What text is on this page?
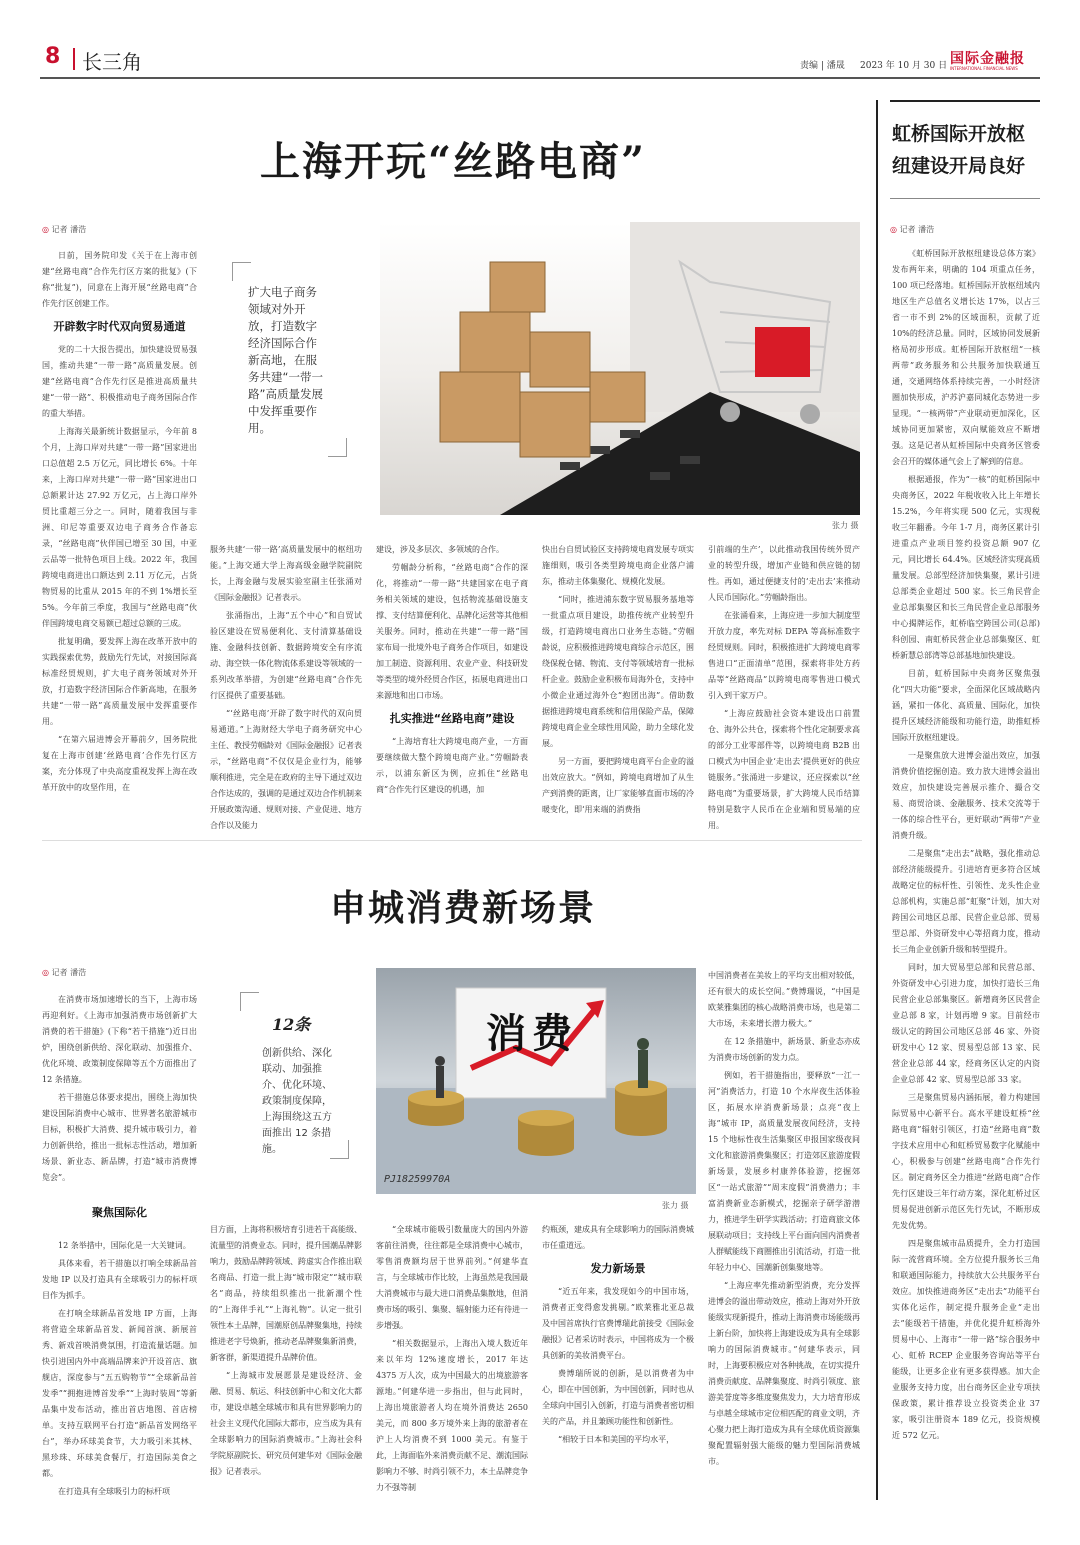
8 长三角	责编 | 潘晟 2023 年 10 月 30 日 国际金融报
INTERNATIONAL FINANCIAL NEWS
上海开玩“丝路电商”
◎ 记者 潘浩

日前，国务院印发《关于在上海市创建“丝路电商”合作先行区方案的批复》(下称“批复”)，同意在上海开展“丝路电商”合作先行区创建工作。

开辟数字时代双向贸易通道

党的二十大报告提出，加快建设贸易强国，推动共建“一带一路”高质量发展。创建“丝路电商”合作先行区是推进高质量共建“一带一路”、积极推动电子商务国际合作的重大举措。

上海海关最新统计数据显示，今年前 8 个月，上海口岸对共建“一带一路”国家进出口总值超 2.5 万亿元，同比增长 6%。十年来，上海口岸对共建“一带一路”国家进出口总额累计达 27.92 万亿元，占上海口岸外贸比重超三分之一。同时，随着我国与非洲、印尼等重要双边电子商务合作备忘录，“丝路电商”伙伴国已增至 30 国，中亚云品等一批特色项目上线。2022 年，我国跨境电商进出口额达到 2.11 万亿元，占货物贸易的比重从 2015 年的不到 1%增长至 5%。今年前三季度，我国与“丝路电商”伙伴国跨境电商交易额已超过总额的三成。

批复明确，要发挥上海在改革开放中的实践探索优势，鼓励先行先试，对接国际高标准经贸规则，扩大电子商务领域对外开放，打造数字经济国际合作新高地，在服务共建“一带一路”高质量发展中发挥重要作用。

“在第六届进博会开幕前夕，国务院批复在上海市创建‘丝路电商’合作先行区方案，充分体现了中央高度重视发挥上海在改革开放中的攻坚作用，在

扩大电子商务领域对外开放，打造数字经济国际合作新高地，在服务共建“一带一路”高质量发展中发挥重要作用。
张力 摄

服务共建‘一带一路’高质量发展中的枢纽功能。”上海交通大学上海高级金融学院副院长，上海金融与发展实验室副主任张涌对《国际金融报》记者表示。

张涌指出，上海“五个中心”和自贸试验区建设在贸易便利化、支付清算基础设施、金融科技创新、数据跨境安全有序流动、海空铁一体化物流体系建设等领域的一系列改革举措，为创建“丝路电商”合作先行区提供了重要基础。

“‘丝路电商’开辟了数字时代的双向贸易通道。”上海财经大学电子商务研究中心主任、教授劳帼龄对《国际金融报》记者表示，“丝路电商”不仅仅是企业行为，能够顺利推进，完全是在政府的主导下通过双边合作达成的，强调的是通过双边合作机制来开展政策沟通、规则对接、产业促进、地方合作以及能力

建设，涉及多层次、多领域的合作。

劳帼龄分析称，“丝路电商”合作的深化，将推动“一带一路”共建国家在电子商务相关领域的建设，包括物流基础设施支撑、支付结算便利化、品牌化运营等其他相关服务。同时，推动在共建“一带一路”国家布局一批境外电子商务合作项目，如建设加工制造、资源利用、农业产业、科技研发等类型的境外经贸合作区，拓展电商进出口来源地和出口市场。

扎实推进“丝路电商”建设

“上海培育壮大跨境电商产业，一方面要继续做大整个跨境电商产业。”劳帼龄表示，以浦东新区为例，应抓住“丝路电商”合作先行区建设的机遇，加

快出台自贸试验区支持跨境电商发展专项实施细则，吸引各类型跨境电商企业落户浦东，推动主体集聚化、规模化发展。

“同时，推进浦东数字贸易服务基地等一批重点项目建设，助推传统产业转型升级，打造跨境电商出口业务生态链。”劳帼龄说，应积极推进跨境电商综合示范区，围绕保税仓储、物流、支付等领域培育一批标杆企业。鼓励企业积极布局海外仓，支持中小微企业通过海外仓“抱团出海”。借助数据推进跨境电商系统和信用保险产品，保障跨境电商企业全球性用风险，助力全球化发展。

另一方面，要把跨境电商平台企业的溢出效应放大。“例如，跨境电商增加了从生产到消费的距离，让厂家能够直面市场的冷暖变化，即‘用来端的消费指

引前端的生产’，以此推动我国传统外贸产业的转型升级，增加产业链和供应链的韧性。再如，通过便捷支付的‘走出去’来推动人民币国际化。”劳帼龄指出。

在张涌看来，上海应进一步加大制度型开放力度，率先对标 DEPA 等高标准数字经贸规则。同时，积极推进扩大跨境电商零售进口“正面清单”范围，探索将非处方药品等“丝路商品”以跨境电商零售进口模式引入到干家万户。

“上海应鼓励社会资本建设出口前置仓、海外公共仓，探索将个性化定制要求高的部分工业零部件等，以跨境电商 B2B 出口模式为中国企业‘走出去’提供更好的供应链服务。”张涌进一步建议，还应探索以“丝路电商”为重要场景，扩大跨境人民币结算特别是数字人民币在企业端和贸易端的应用。

申城消费新场景
◎ 记者 潘浩

在消费市场加速增长的当下，上海市场再迎利好。《上海市加强消费市场创新扩大消费的若干措施》(下称“若干措施”)近日出炉，围绕创新供给、深化联动、加强推介、优化环境、政策制度保障等五个方面推出了 12 条措施。

若干措施总体要求提出，围绕上海加快建设国际消费中心城市、世界著名旅游城市目标，积极扩大消费、提升城市吸引力，着力创新供给，推出一批标志性活动，增加新场景、新业态、新品牌，打造“城市消费博览会”。

聚焦国际化

12 条举措中，国际化是一大关键词。

具体来看，若干措施以打响全球新品首发地 IP 以及打造具有全球吸引力的标杆项目作为抓手。

在打响全球新品首发地 IP 方面，上海将营造全球新品首发、新闻首演、新展首秀、新戏首映消费氛围，打造流量话题。加快引进国内外中高端品牌来沪开设首店、旗舰店，深度参与“五五购物节”“全球新品首发季”“拥抱进博首发季”“上海时装周”等新品集中发布活动，推出首店地图、首店榜单。支持互联网平台打造“新品首发网络平台”，举办环球美食节，大力吸引米其林、黑珍珠、环球美食餐厅，打造国际美食之都。

在打造具有全球吸引力的标杆项

12条
创新供给、深化联动、加强推介、优化环境、政策制度保障，上海围绕这五方面推出 12 条措施。
消费
PJ18259970A
张力 摄

目方面，上海将积极培育引进若干高能级、流量型的消费业态。同时，提升国潮品牌影响力，鼓励品牌跨领域、跨虚实合作推出联名商品、打造一批上海“城市限定”“城市联名”商品，持续组织推出一批新潮个性的“上海伴手礼”“上海礼物”。认定一批引领性本土品牌，国潮原创品牌聚集地，持续推进老字号焕新，推动老品牌聚集新消费，新客群，新渠道提升品牌价值。

“上海城市发展愿景是建设经济、金融、贸易、航运、科技创新中心和文化大都市，建设卓越全球城市和具有世界影响力的社会主义现代化国际大都市，应当成为具有全球影响力的国际消费城市。”上海社会科学院原副院长、研究员何建华对《国际金融报》记者表示。

“全球城市能吸引数量庞大的国内外游客前往消费，往往都是全球消费中心城市，零售消费额均居于世界前列。”何建华直言，与全球城市作比较，上海虽然是我国最大消费城市与最大进口消费品集散地，但消费市场的吸引、集聚、辐射能力还有待进一步增强。

“相关数据显示，上海出入境人数近年来以年均 12%速度增长，2017 年达 4375 万人次，成为中国最大的出境旅游客源地。”何建华进一步指出，但与此同时，上海出境旅游者人均在境外消费达 2650 美元，而 800 多万境外来上海的旅游者在沪上人均消费不到 1000 美元。有鉴于此，上海面临外来消费贡献不足、潮流国际影响力不够、时尚引领不力，本土品牌竞争力不强等制

约瓶颈，建成具有全球影响力的国际消费城市任重道远。

发力新场景

“近五年来，我发现如今的中国市场，消费者正变得愈发挑剔。”欧莱雅北亚总裁及中国首席执行官费博瑞此前接受《国际金融报》记者采访时表示，中国将成为一个极具创新的美妆消费平台。

费博瑞所说的创新，是以消费者为中心，即在中国创新，为中国创新，同时也从全球向中国引入创新，打造与消费者密切相关的产品，并且兼顾功能性和创新性。

“相较于日本和美国的平均水平，

中国消费者在美妆上的平均支出相对较低，还有很大的成长空间。”费博瑞说，“中国是欧莱雅集团的核心战略消费市场，也是第二大市场，未来增长潜力极大。”

在 12 条措施中，新场景、新业态亦成为消费市场创新的发力点。

例如，若干措施指出，要释放“一江一河”消费活力，打造 10 个水岸夜生活体验区，拓展水岸消费新场景；点亮“夜上海”城市 IP，高质量发展夜间经济，支持 15 个地标性夜生活集聚区申报国家级夜间文化和旅游消费集聚区；打造郊区旅游度假新场景，发展乡村康养体验游，挖掘郊区“一站式旅游”“周末度假”消费潜力；丰富消费新业态新模式，挖掘亲子研学游潜力，推进学生研学实践活动；打造商旅文体展联动项目；支持线上平台面向国内消费者人群赋能线下商圈推出引流活动，打造一批年轻力中心、国潮新创集聚地等。

“上海应率先推动新型消费，充分发挥进博会的溢出带动效应，推动上海对外开放能级实现新提升，推动上海消费市场能级再上新台阶，加快将上海建设成为具有全球影响力的国际消费城市。”何建华表示，同时，上海要积极应对各种挑战，在切实提升消费贡献度、品牌集聚度、时尚引领度、旅游美誉度等多维度聚焦发力，大力培育形成与卓越全球城市定位相匹配的商业文明，齐心聚力把上海打造成为具有全球优质资源集聚配置辐射强大能级的魅力型国际消费城市。

虹桥国际开放枢纽建设开局良好
◎ 记者 潘浩

《虹桥国际开放枢纽建设总体方案》发布两年来，明确的 104 项重点任务，100 项已经落地。虹桥国际开放枢纽域内地区生产总值名义增长达 17%，以占三省一市不到 2%的区域面积，贡献了近 10%的经济总量。同时，区域协同发展新格局初步形成。虹桥国际开放枢纽“一核两带”政务服务和公共服务加快联通互通，交通网络体系持续完善，一小时经济圈加快形成，沪苏沪嘉同城化态势进一步显现。“一核两带”产业联动更加深化，区域协同更加紧密，双向赋能效应不断增强。这是记者从虹桥国际中央商务区管委会召开的媒体通气会上了解到的信息。

根据通报，作为“一核”的虹桥国际中央商务区，2022 年税收收入比上年增长 15.2%，今年将实现 500 亿元，实现税收三年翻番。今年 1-7 月，商务区累计引进重点产业项目签约投资总额 907 亿元，同比增长 64.4%。区域经济实现高质量发展。总部型经济加快集聚，累计引进总部类企业超过 500 家。长三角民营企业总部集聚区和长三角民营企业总部服务中心揭牌运作，虹桥临空跨国公司(总部)科创园、南虹桥民营企业总部集聚区、虹桥新慧总部湾等总部基地加快建设。

目前，虹桥国际中央商务区聚焦强化“四大功能”要求，全面深化区域战略内涵，紧扣一体化、高质量、国际化，加快提升区域经济能级和功能行造，助推虹桥国际开放枢纽建设。

一是聚焦放大进博会溢出效应，加强消费价值挖掘创造。致力放大进博会溢出效应，加快建设完善展示推介、撮合交易、商贸洽谈、金融服务、技术交流等于一体的综合性平台，更好联动“两带”产业消费升级。

二是聚焦“走出去”战略，强化推动总部经济能级提升。引进培育更多符合区域战略定位的标杆性、引领性、龙头性企业总部机构，实施总部“虹聚”计划，加大对跨国公司地区总部、民营企业总部、贸易型总部、外资研发中心等招商力度，推动长三角企业创新升级和转型提升。

同时，加大贸易型总部和民营总部、外资研发中心引进力度，加快打造长三角民营企业总部集聚区。新增商务区民营企业总部 8 家，计划再增 9 家。目前经市级认定的跨国公司地区总部 46 家、外资研发中心 12 家、贸易型总部 13 家、民营企业总部 44 家，经商务区认定的内资企业总部 42 家、贸易型总部 33 家。

三是聚焦贸易内涵拓展，着力构建国际贸易中心新平台。高水平建设虹桥“丝路电商”辐射引领区，打造“丝路电商”数字技术应用中心和虹桥贸易数字化赋能中心，积极参与创建“丝路电商”合作先行区。制定商务区全力推进“丝路电商”合作先行区建设三年行动方案，深化虹桥过区贸易促进创新示范区先行先试，不断形成先发优势。

四是聚焦城市品质提升，全力打造国际一流营商环境。全方位提升服务长三角和联通国际能力，持续放大公共服务平台效应。加快推进商务区“走出去”功能平台实体化运作，制定提升服务企业“走出去”能级若干措施，并优化提升虹桥海外贸易中心、上海市“一带一路”综合服务中心、虹桥 RCEP 企业服务咨询站等平台能级，让更多企业有更多获得感。加大企业服务支持力度，出台商务区企业专项扶保政策，累计推荐设立投资类企业 37 家，吸引注册资本 189 亿元，投资规模近 572 亿元。
